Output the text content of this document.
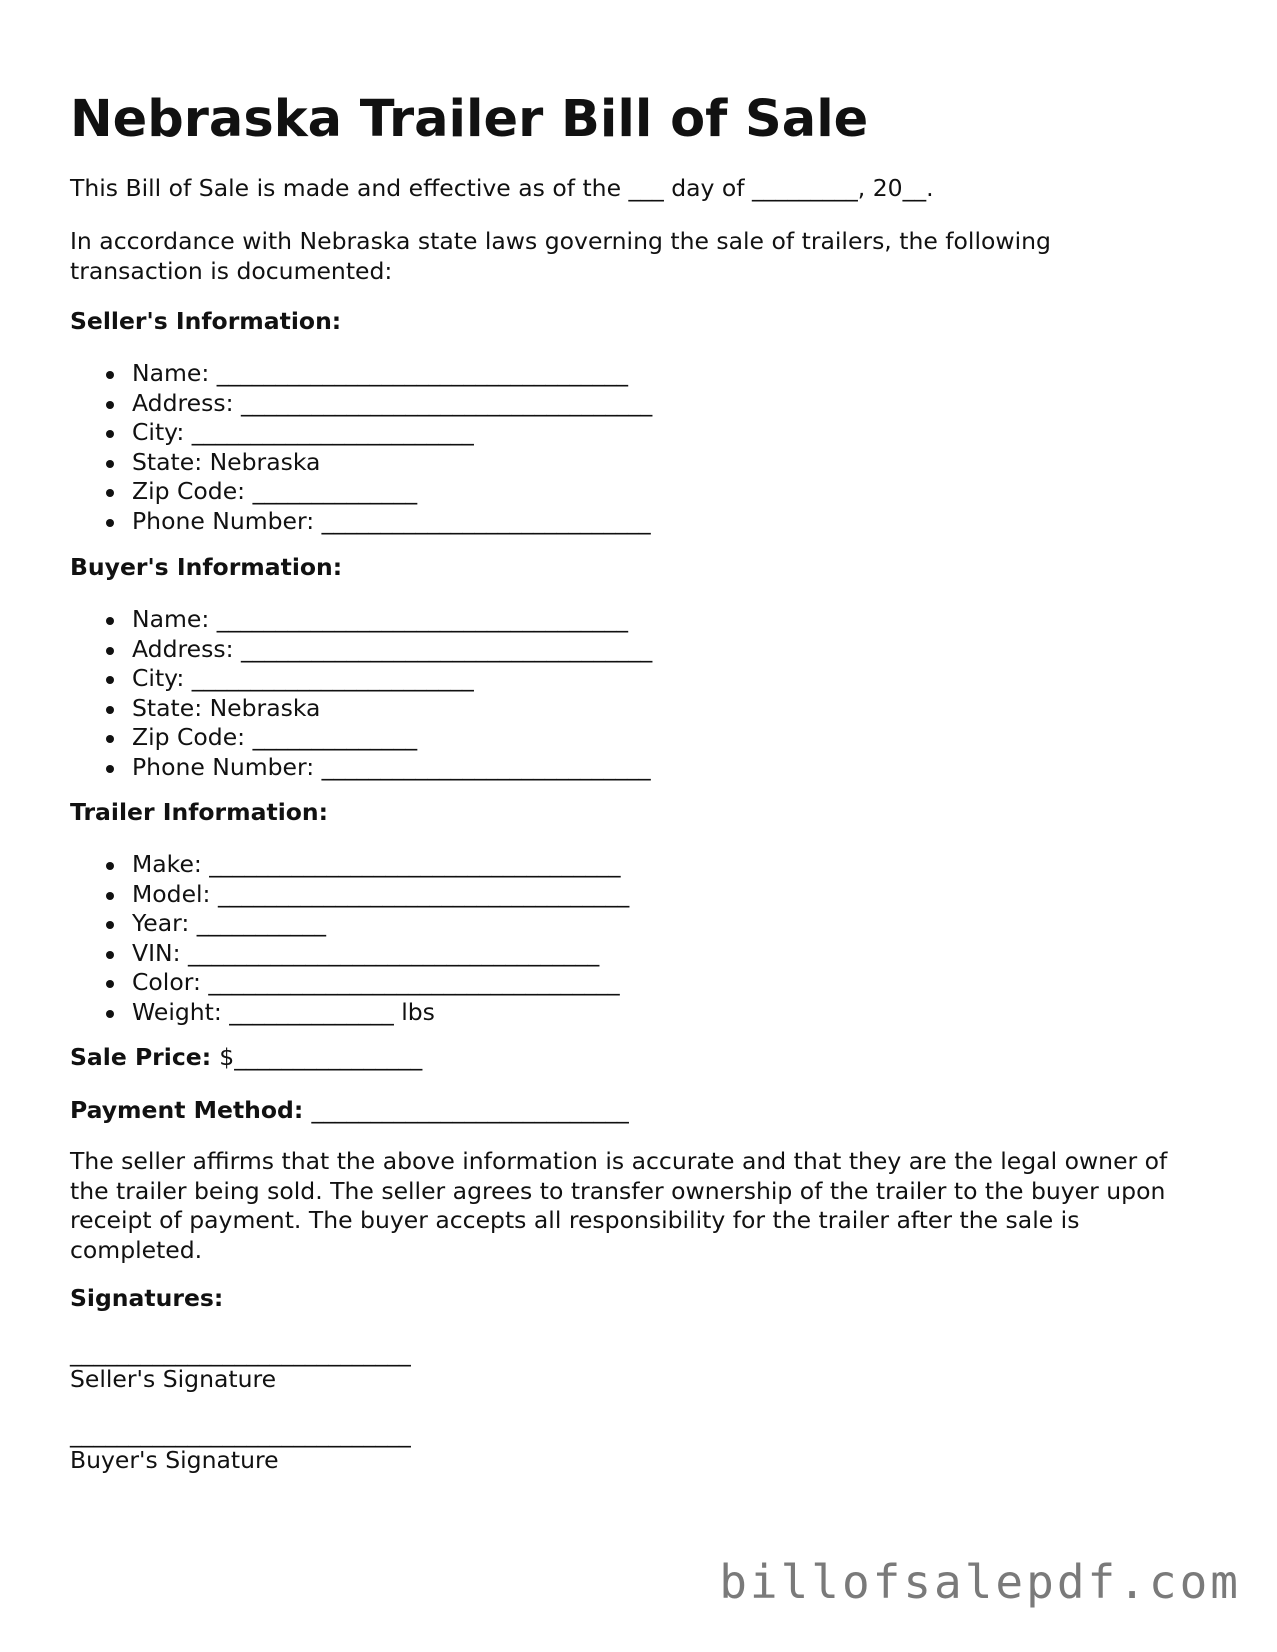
Nebraska Trailer Bill of Sale

This Bill of Sale is made and effective as of the ___ day of _________, 20__.

In accordance with Nebraska state laws governing the sale of trailers, the following transaction is documented:

Seller's Information:
Name: ___________________________________
Address: ___________________________________
City: ________________________
State: Nebraska
Zip Code: ______________
Phone Number: ____________________________
Buyer's Information:
Name: ___________________________________
Address: ___________________________________
City: ________________________
State: Nebraska
Zip Code: ______________
Phone Number: ____________________________
Trailer Information:
Make: ___________________________________
Model: ___________________________________
Year: ___________
VIN: ___________________________________
Color: ___________________________________
Weight: ______________ lbs
Sale Price: $________________
Payment Method: ___________________________

The seller affirms that the above information is accurate and that they are the legal owner of the trailer being sold. The seller agrees to transfer ownership of the trailer to the buyer upon receipt of payment. The buyer accepts all responsibility for the trailer after the sale is completed.

Signatures:
_____________________________
Seller's Signature
_____________________________
Buyer's Signature
billofsalepdf.com
